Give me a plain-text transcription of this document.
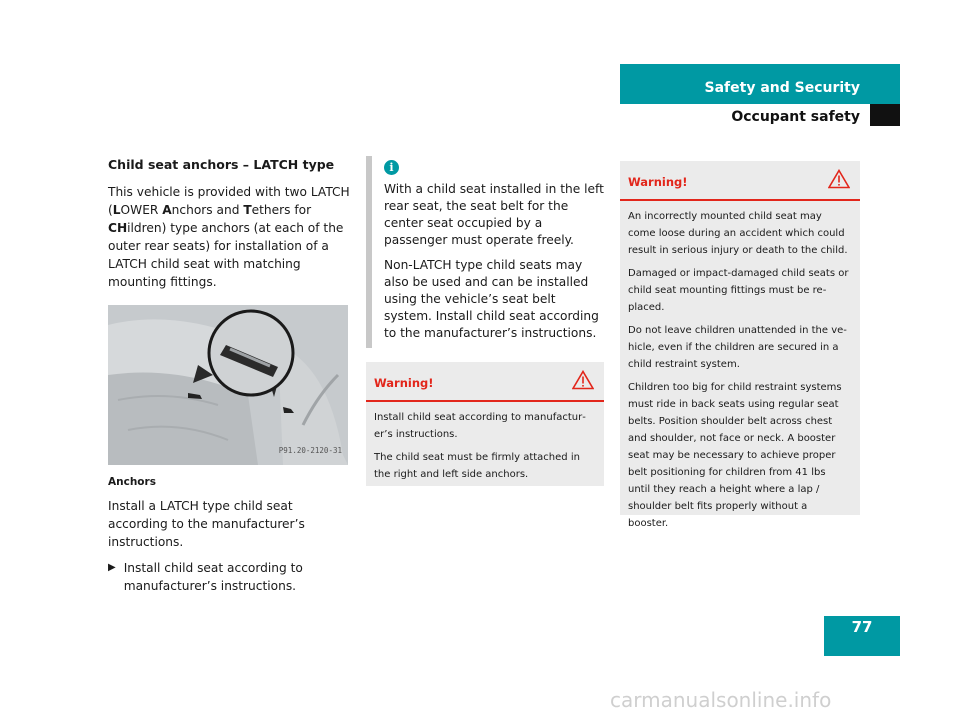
Safety and Security
Occupant safety
Child seat anchors – LATCH type

This vehicle is provided with two LATCH (LOWER Anchors and Tethers for CHildren) type anchors (at each of the outer rear seats) for installation of a LATCH child seat with matching mounting fittings.

P91.20-2120-31
Anchors

Install a LATCH type child seat according to the manufacturer’s instructions.

▶ Install child seat according to manufacturer’s instructions.
i

With a child seat installed in the left rear seat, the seat belt for the center seat occupied by a passenger must operate freely.

Non-LATCH type child seats may also be used and can be installed using the vehicle’s seat belt system. Install child seat according to the manufacturer’s instructions.

Warning!

Install child seat according to manufacturer’s instructions.

The child seat must be firmly attached in the right and left side anchors.

Warning!

An incorrectly mounted child seat may come loose during an accident which could result in serious injury or death to the child.

Damaged or impact-damaged child seats or child seat mounting fittings must be replaced.

Do not leave children unattended in the vehicle, even if the children are secured in a child restraint system.

Children too big for child restraint systems must ride in back seats using regular seat belts. Position shoulder belt across chest and shoulder, not face or neck. A booster seat may be necessary to achieve proper belt positioning for children from 41 lbs until they reach a height where a lap / shoulder belt fits properly without a booster.

77
carmanualsonline.info
